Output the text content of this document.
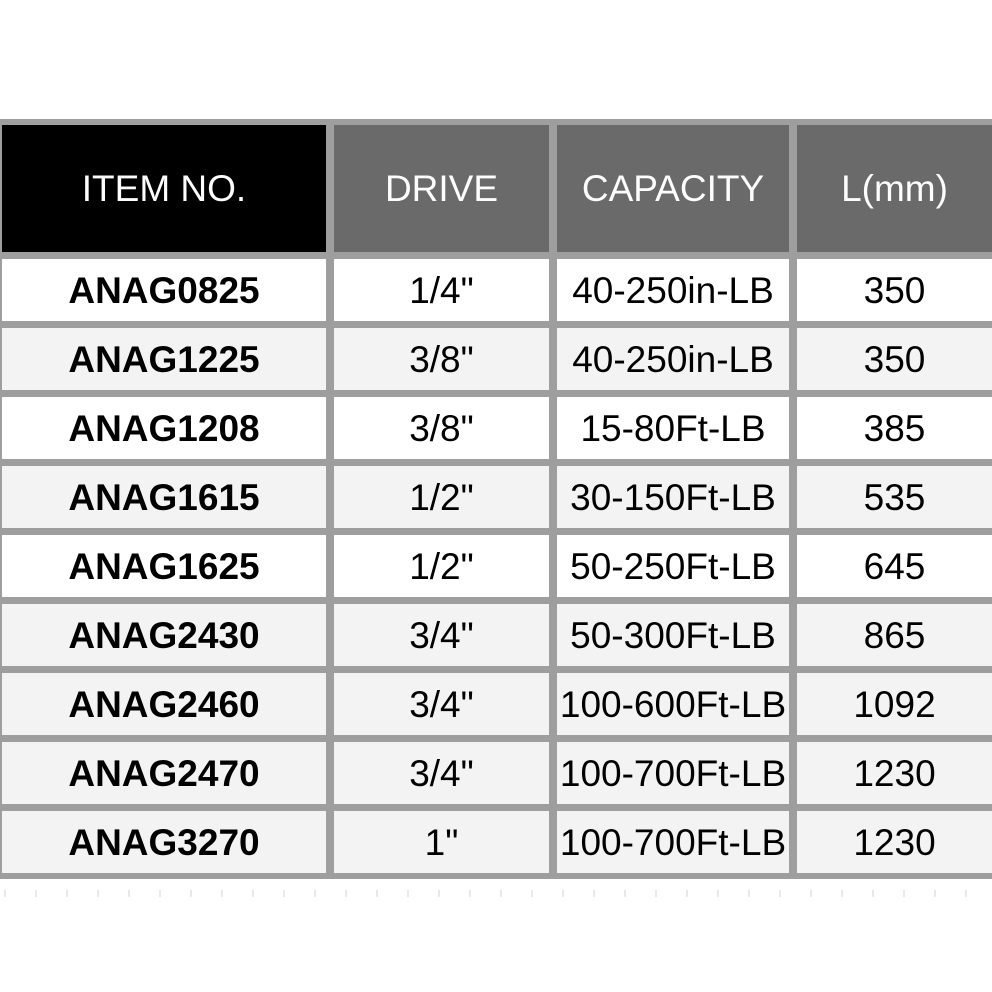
ITEM NO.	DRIVE	CAPACITY	L(mm)
ANAG0825	1/4"	40-250in-LB	350
ANAG1225	3/8"	40-250in-LB	350
ANAG1208	3/8"	15-80Ft-LB	385
ANAG1615	1/2"	30-150Ft-LB	535
ANAG1625	1/2"	50-250Ft-LB	645
ANAG2430	3/4"	50-300Ft-LB	865
ANAG2460	3/4"	100-600Ft-LB	1092
ANAG2470	3/4"	100-700Ft-LB	1230
ANAG3270	1"	100-700Ft-LB	1230
